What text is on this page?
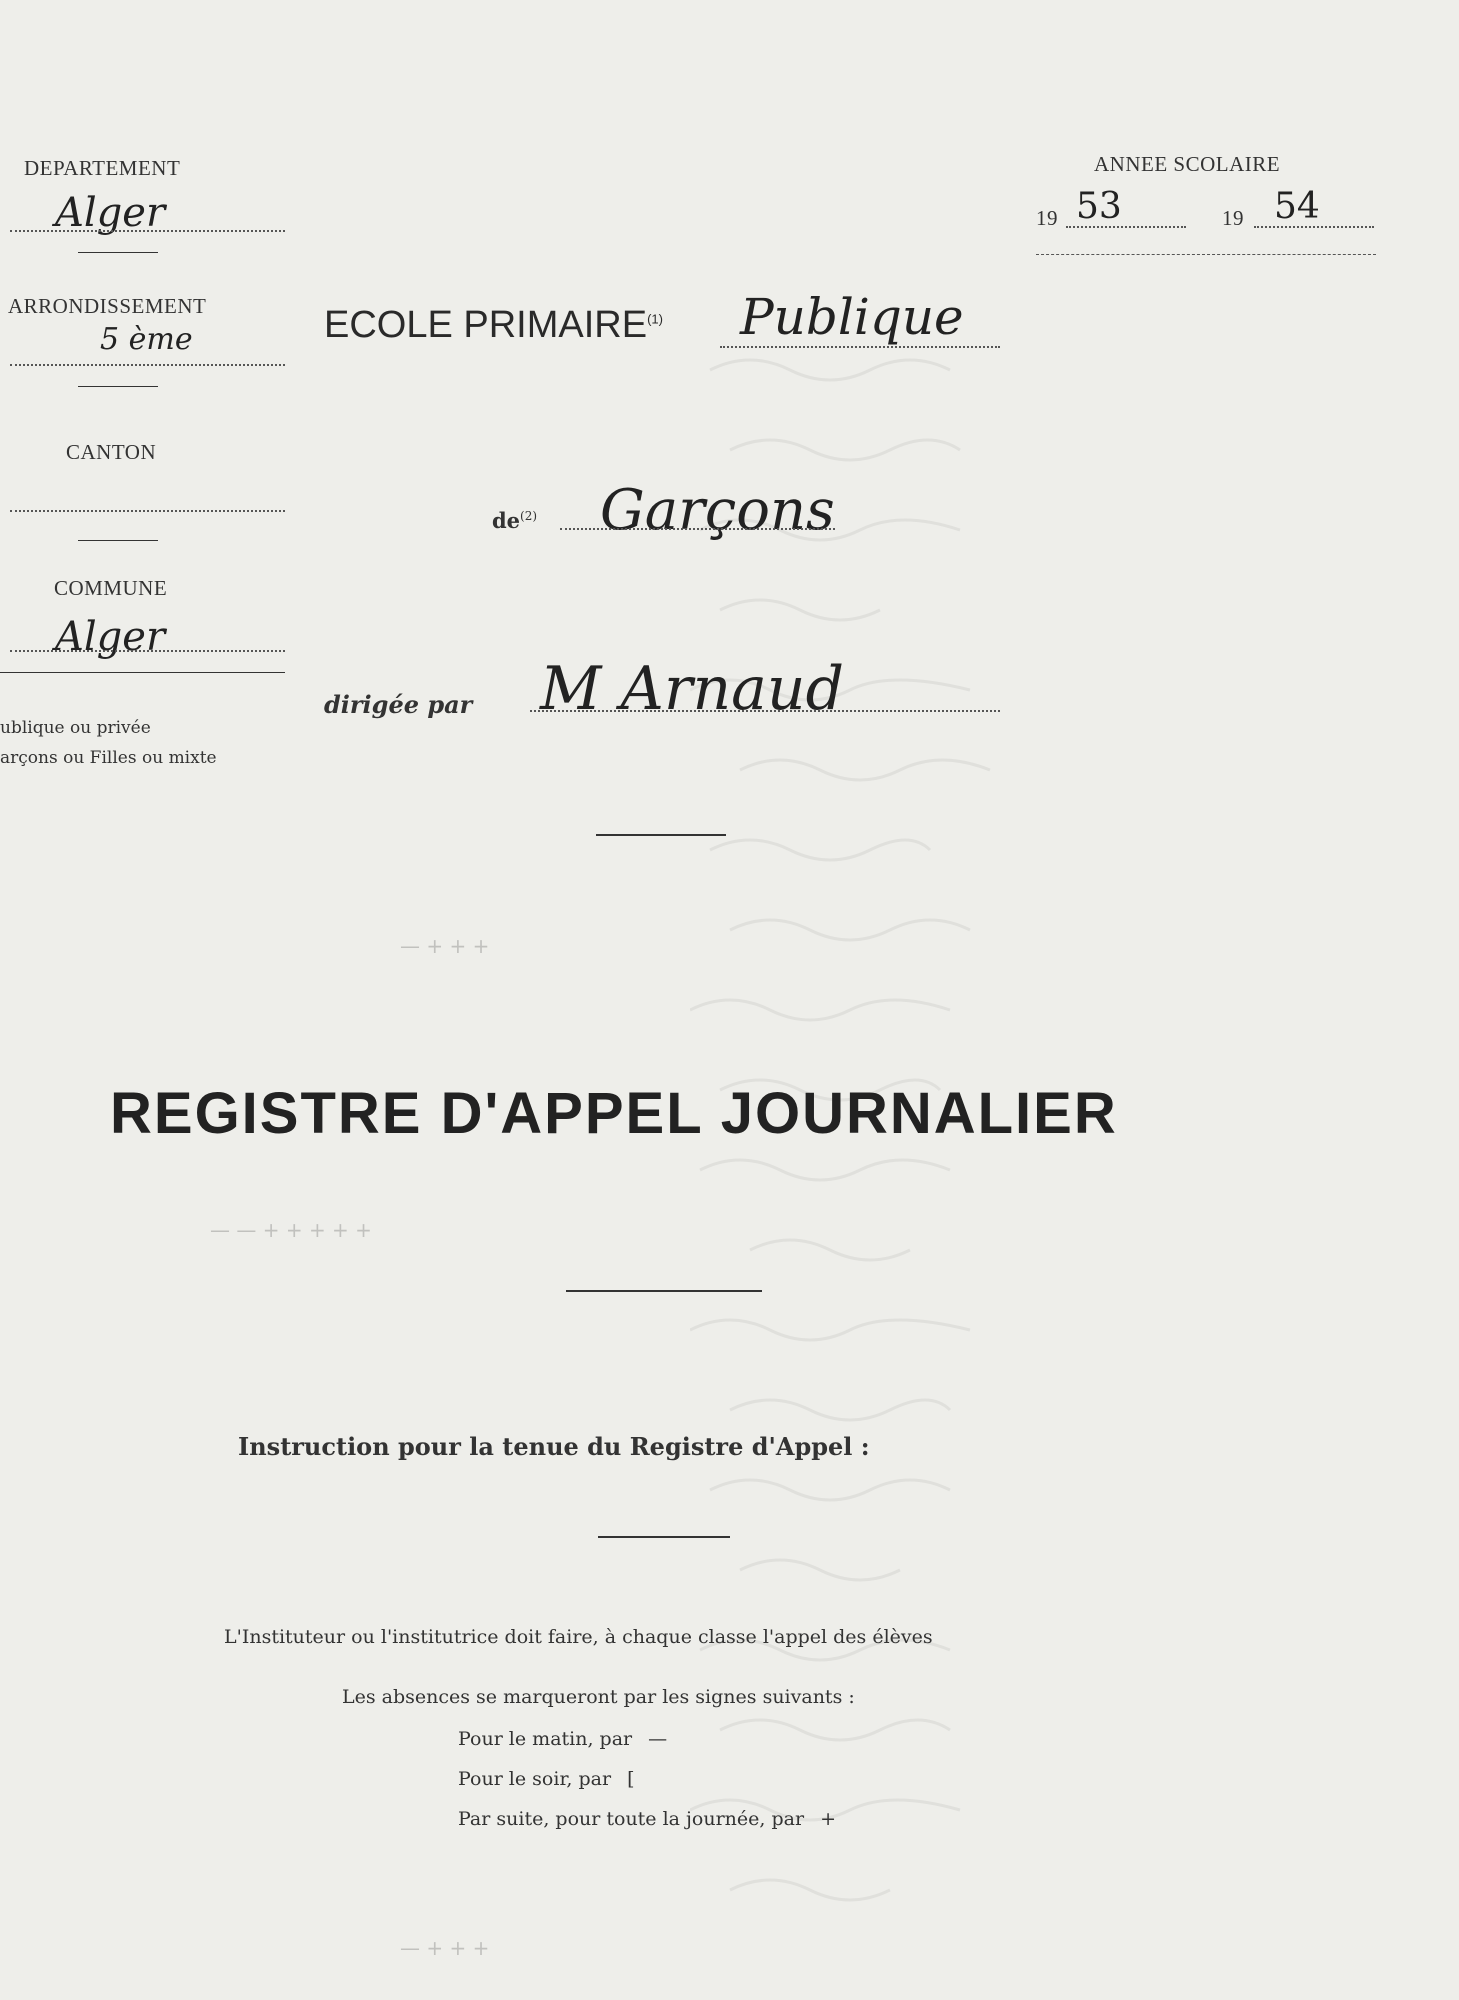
DEPARTEMENT
Alger
ARRONDISSEMENT
5 ème
CANTON
COMMUNE
Alger
ublique ou privée
arçons ou Filles ou mixte
ANNEE SCOLAIRE
19 53	19 54
ECOLE PRIMAIRE$^{(1)}$ Publique
$de^{(2)}$ Garçons
dirigée par M Arnaud
— + + +
REGISTRE D'APPEL JOURNALIER
— — + + + + +
Instruction pour la tenue du Registre d'Appel :
L'Instituteur ou l'institutrice doit faire, à chaque classe l'appel des élèves
Les absences se marqueront par les signes suivants :
Pour le matin, par —
Pour le soir, par [
Par suite, pour toute la journée, par +
— + + +
